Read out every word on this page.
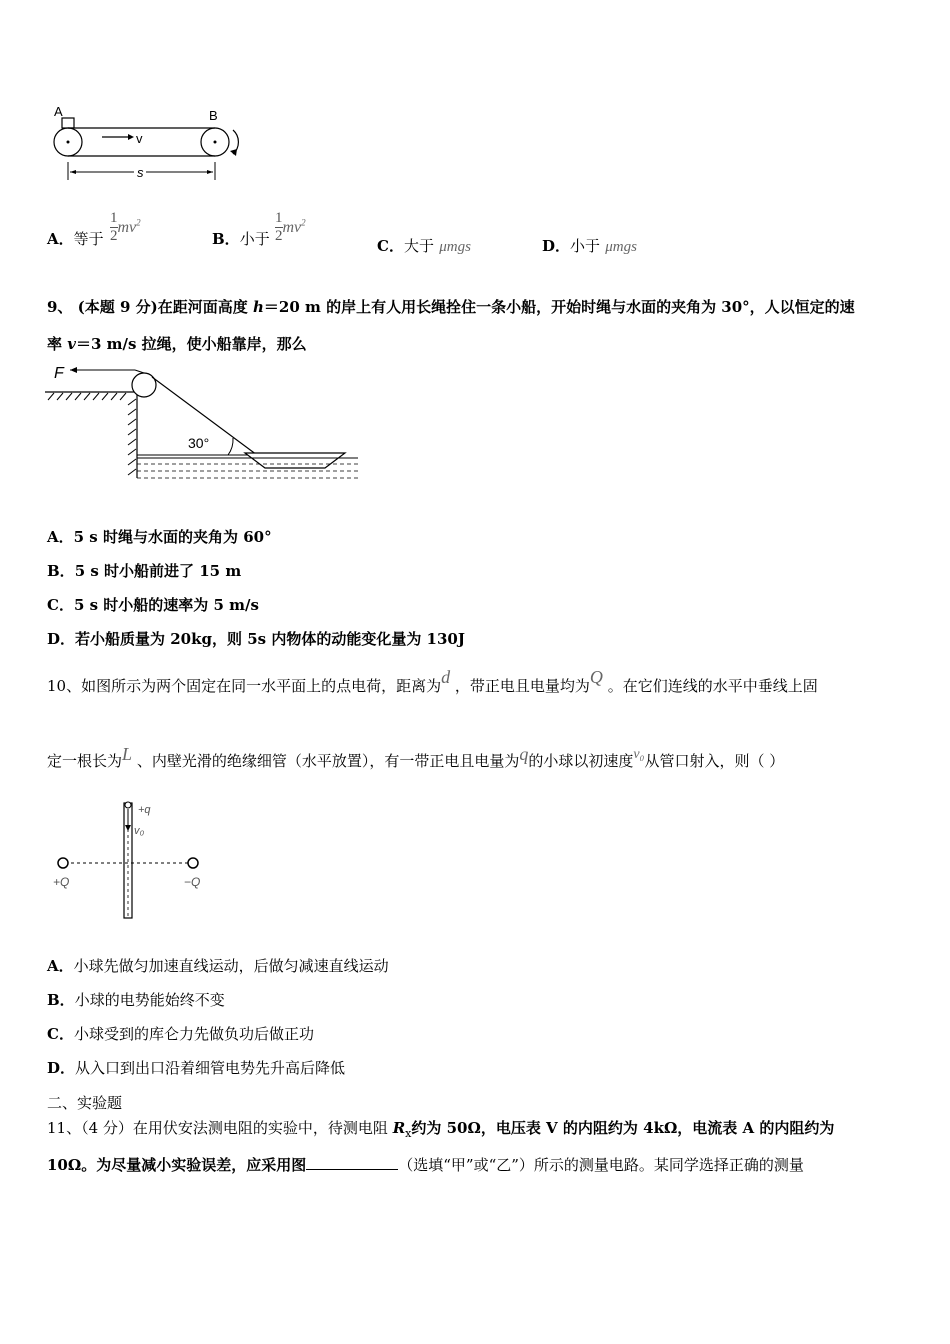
A	B
v
s
A．等于 $\frac{1}{2}mv^2$
B．小于 $\frac{1}{2}mv^2$
C．大于 μmgs	D．小于 μmgs
9、 (本题 9 分)在距河面高度 h＝20 m 的岸上有人用长绳拴住一条小船，开始时绳与水面的夹角为 30°，人以恒定的速
率 v＝3 m/s 拉绳，使小船靠岸，那么
F
30°
A．5 s 时绳与水面的夹角为 60°
B．5 s 时小船前进了 15 m
C．5 s 时小船的速率为 5 m/s
D．若小船质量为 20kg，则 5s 内物体的动能变化量为 130J
10、如图所示为两个固定在同一水平面上的点电荷，距离为d ，带正电且电量均为Q 。在它们连线的水平中垂线上固
定一根长为L 、内壁光滑的绝缘细管（水平放置），有一带正电且电量为q的小球以初速度v₀从管口射入，则（ ）
+q
v₀
+Q	−Q
A．小球先做匀加速直线运动，后做匀减速直线运动
B．小球的电势能始终不变
C．小球受到的库仑力先做负功后做正功
D．从入口到出口沿着细管电势先升高后降低
二、实验题
11、（4 分）在用伏安法测电阻的实验中，待测电阻 $R_x$约为 50Ω，电压表 V 的内阻约为 4kΩ，电流表 A 的内阻约为
10Ω。为尽量减小实验误差，应采用图	（选填“甲”或“乙”）所示的测量电路。某同学选择正确的测量
